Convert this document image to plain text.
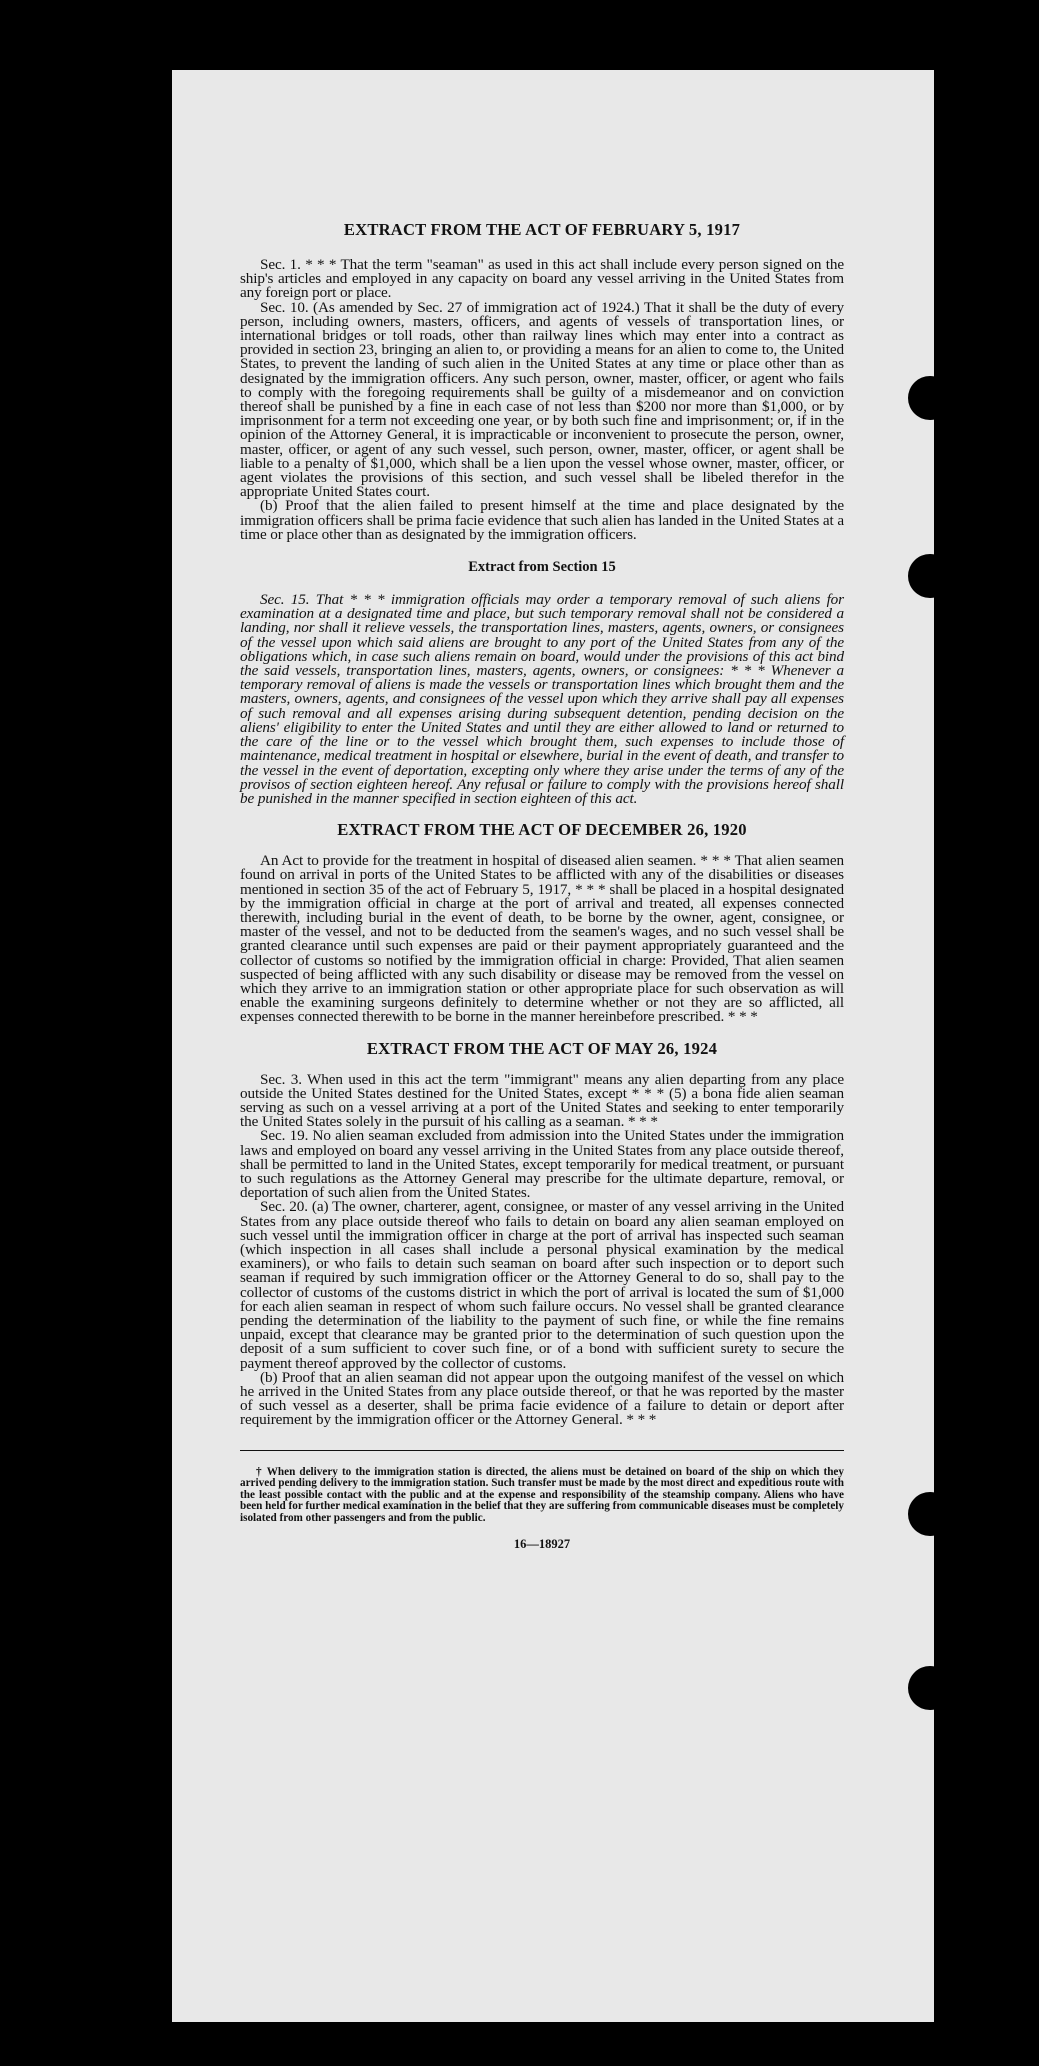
EXTRACT FROM THE ACT OF FEBRUARY 5, 1917

Sec. 1. * * * That the term "seaman" as used in this act shall include every person signed on the ship's articles and employed in any capacity on board any vessel arriving in the United States from any foreign port or place.

Sec. 10. (As amended by Sec. 27 of immigration act of 1924.) That it shall be the duty of every person, including owners, masters, officers, and agents of vessels of transportation lines, or international bridges or toll roads, other than railway lines which may enter into a contract as provided in section 23, bringing an alien to, or providing a means for an alien to come to, the United States, to prevent the landing of such alien in the United States at any time or place other than as designated by the immigration officers. Any such person, owner, master, officer, or agent who fails to comply with the foregoing requirements shall be guilty of a misdemeanor and on conviction thereof shall be punished by a fine in each case of not less than $200 nor more than $1,000, or by imprisonment for a term not exceeding one year, or by both such fine and imprisonment; or, if in the opinion of the Attorney General, it is impracticable or inconvenient to prosecute the person, owner, master, officer, or agent of any such vessel, such person, owner, master, officer, or agent shall be liable to a penalty of $1,000, which shall be a lien upon the vessel whose owner, master, officer, or agent violates the provisions of this section, and such vessel shall be libeled therefor in the appropriate United States court.

(b) Proof that the alien failed to present himself at the time and place designated by the immigration officers shall be prima facie evidence that such alien has landed in the United States at a time or place other than as designated by the immigration officers.

Extract from Section 15

Sec. 15. That * * * immigration officials may order a temporary removal of such aliens for examination at a designated time and place, but such temporary removal shall not be considered a landing, nor shall it relieve vessels, the transportation lines, masters, agents, owners, or consignees of the vessel upon which said aliens are brought to any port of the United States from any of the obligations which, in case such aliens remain on board, would under the provisions of this act bind the said vessels, transportation lines, masters, agents, owners, or consignees: * * * Whenever a temporary removal of aliens is made the vessels or transportation lines which brought them and the masters, owners, agents, and consignees of the vessel upon which they arrive shall pay all expenses of such removal and all expenses arising during subsequent detention, pending decision on the aliens' eligibility to enter the United States and until they are either allowed to land or returned to the care of the line or to the vessel which brought them, such expenses to include those of maintenance, medical treatment in hospital or elsewhere, burial in the event of death, and transfer to the vessel in the event of deportation, excepting only where they arise under the terms of any of the provisos of section eighteen hereof. Any refusal or failure to comply with the provisions hereof shall be punished in the manner specified in section eighteen of this act.

EXTRACT FROM THE ACT OF DECEMBER 26, 1920

An Act to provide for the treatment in hospital of diseased alien seamen. * * * That alien seamen found on arrival in ports of the United States to be afflicted with any of the disabilities or diseases mentioned in section 35 of the act of February 5, 1917, * * * shall be placed in a hospital designated by the immigration official in charge at the port of arrival and treated, all expenses connected therewith, including burial in the event of death, to be borne by the owner, agent, consignee, or master of the vessel, and not to be deducted from the seamen's wages, and no such vessel shall be granted clearance until such expenses are paid or their payment appropriately guaranteed and the collector of customs so notified by the immigration official in charge: Provided, That alien seamen suspected of being afflicted with any such disability or disease may be removed from the vessel on which they arrive to an immigration station or other appropriate place for such observation as will enable the examining surgeons definitely to determine whether or not they are so afflicted, all expenses connected therewith to be borne in the manner hereinbefore prescribed. * * *

EXTRACT FROM THE ACT OF MAY 26, 1924

Sec. 3. When used in this act the term "immigrant" means any alien departing from any place outside the United States destined for the United States, except * * * (5) a bona fide alien seaman serving as such on a vessel arriving at a port of the United States and seeking to enter temporarily the United States solely in the pursuit of his calling as a seaman. * * *

Sec. 19. No alien seaman excluded from admission into the United States under the immigration laws and employed on board any vessel arriving in the United States from any place outside thereof, shall be permitted to land in the United States, except temporarily for medical treatment, or pursuant to such regulations as the Attorney General may prescribe for the ultimate departure, removal, or deportation of such alien from the United States.

Sec. 20. (a) The owner, charterer, agent, consignee, or master of any vessel arriving in the United States from any place outside thereof who fails to detain on board any alien seaman employed on such vessel until the immigration officer in charge at the port of arrival has inspected such seaman (which inspection in all cases shall include a personal physical examination by the medical examiners), or who fails to detain such seaman on board after such inspection or to deport such seaman if required by such immigration officer or the Attorney General to do so, shall pay to the collector of customs of the customs district in which the port of arrival is located the sum of $1,000 for each alien seaman in respect of whom such failure occurs. No vessel shall be granted clearance pending the determination of the liability to the payment of such fine, or while the fine remains unpaid, except that clearance may be granted prior to the determination of such question upon the deposit of a sum sufficient to cover such fine, or of a bond with sufficient surety to secure the payment thereof approved by the collector of customs.

(b) Proof that an alien seaman did not appear upon the outgoing manifest of the vessel on which he arrived in the United States from any place outside thereof, or that he was reported by the master of such vessel as a deserter, shall be prima facie evidence of a failure to detain or deport after requirement by the immigration officer or the Attorney General. * * *

† When delivery to the immigration station is directed, the aliens must be detained on board of the ship on which they arrived pending delivery to the immigration station. Such transfer must be made by the most direct and expeditious route with the least possible contact with the public and at the expense and responsibility of the steamship company. Aliens who have been held for further medical examination in the belief that they are suffering from communicable diseases must be completely isolated from other passengers and from the public.

16—18927
